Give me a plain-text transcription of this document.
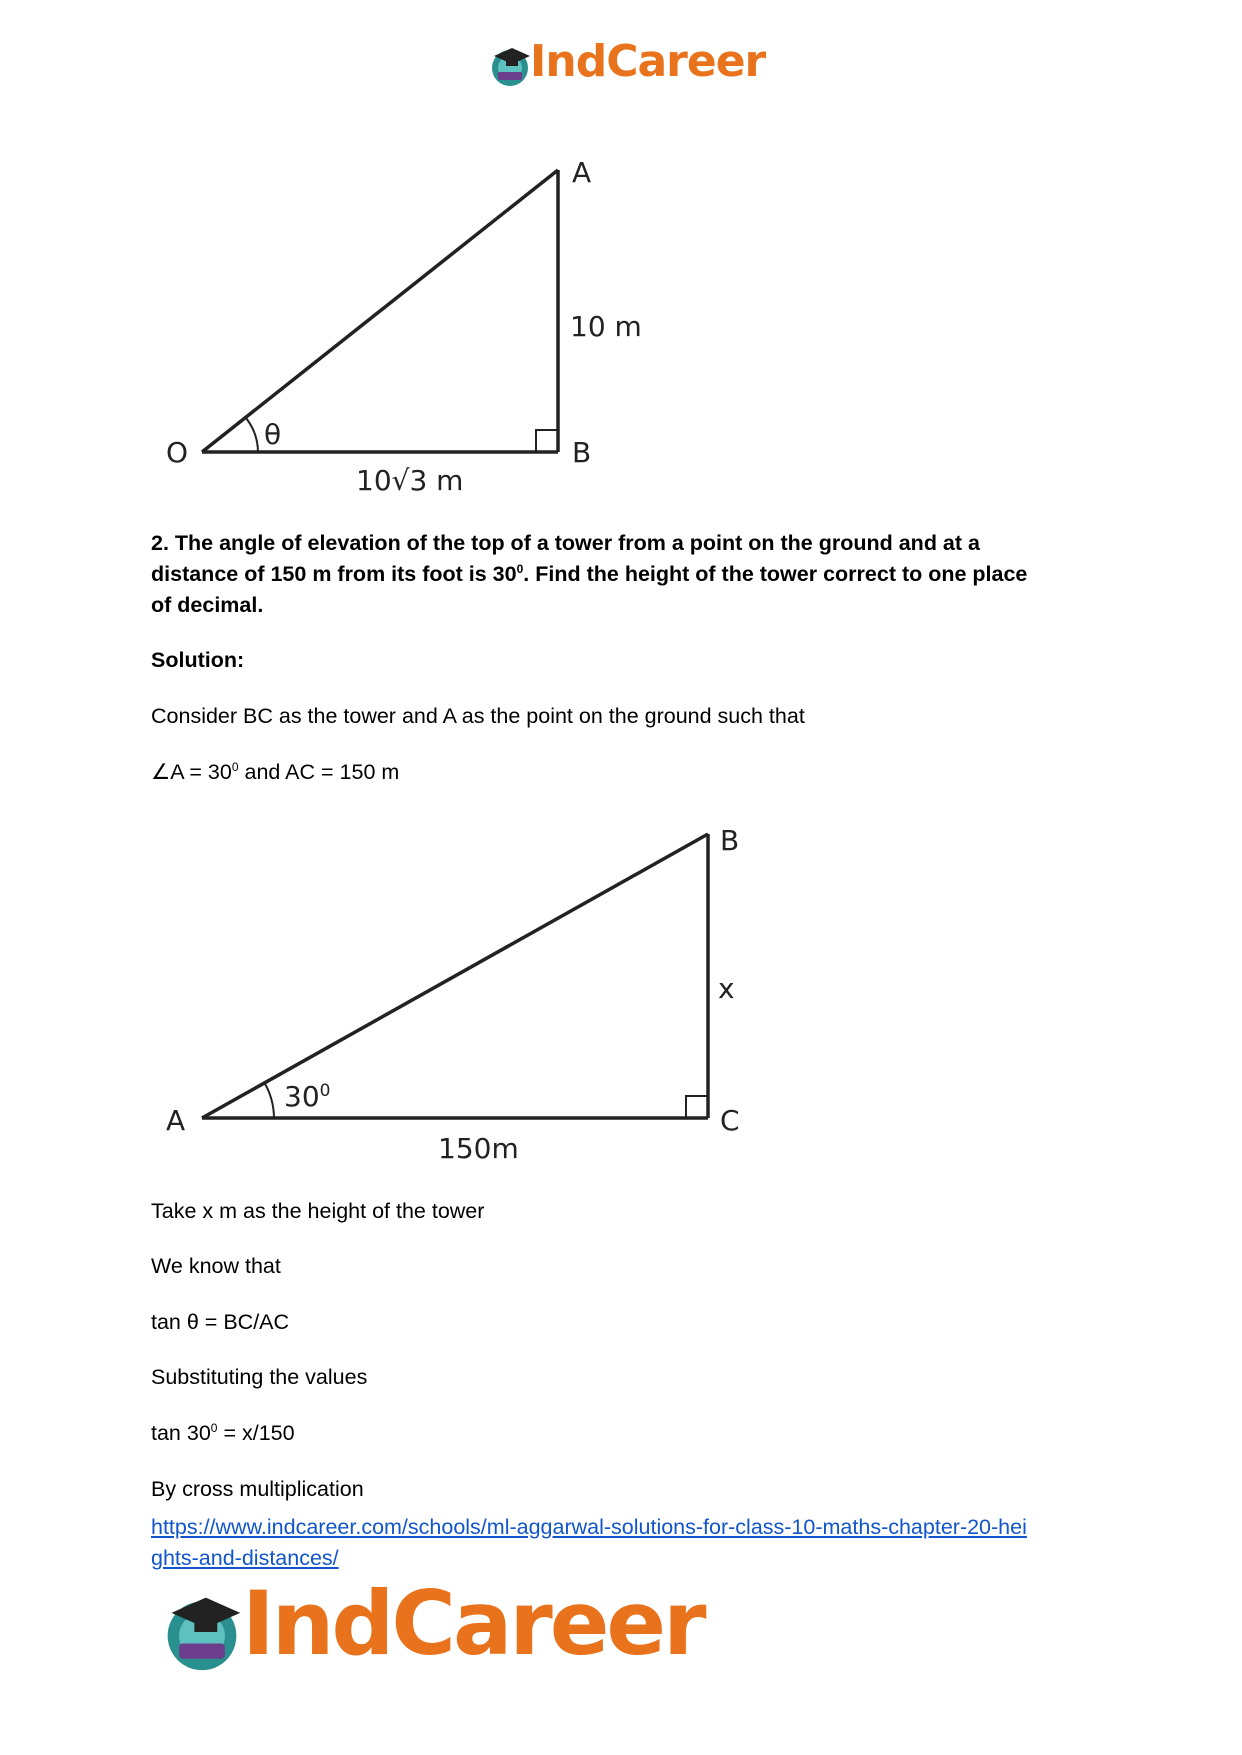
IndCareer
A
O	B
θ
10 m
10√3 m
2. The angle of elevation of the top of a tower from a point on the ground and at a
distance of 150 m from its foot is $30^0$. Find the height of the tower correct to one place
of decimal.
Solution:
Consider BC as the tower and A as the point on the ground such that
∠A = $30^0$ and AC = 150 m
B
A	C
$30^0$
x
150m
Take x m as the height of the tower
We know that
tan θ = BC/AC
Substituting the values
$\tan 30^0 = x/150$
By cross multiplication
https://www.indcareer.com/schools/ml-aggarwal-solutions-for-class-10-maths-chapter-20-hei
ghts-and-distances/
IndCareer
